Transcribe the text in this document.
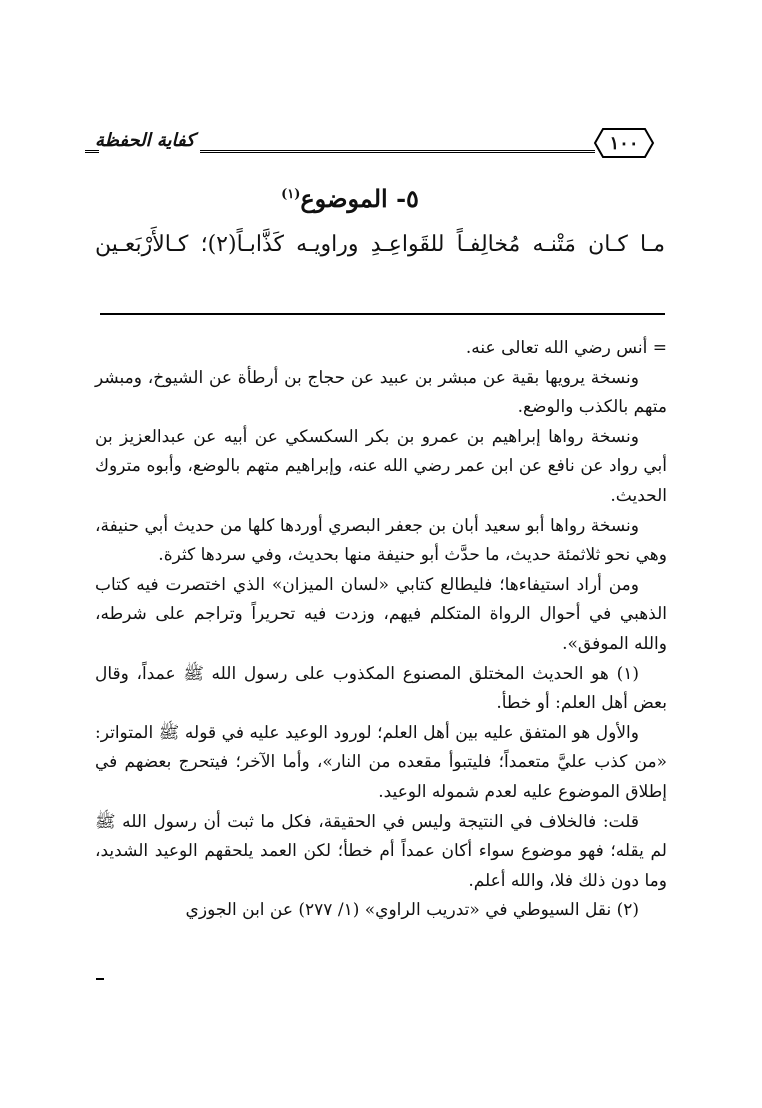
كفاية الحفظة	١٠٠
٥- الموضوع$^{(١)}$
مـا كـان مَتْنـه مُخالِفـاً للقَواعِـدِ وراويـه كَذَّابـاً(٢)؛ كـالأَرْبَعـين

= أنس رضي الله تعالى عنه.

ونسخة يرويها بقية عن مبشر بن عبيد عن حجاج بن أرطأة عن الشيوخ، ومبشر متهم بالكذب والوضع.

ونسخة رواها إبراهيم بن عمرو بن بكر السكسكي عن أبيه عن عبدالعزيز بن أبي رواد عن نافع عن ابن عمر رضي الله عنه، وإبراهيم متهم بالوضع، وأبوه متروك الحديث.

ونسخة رواها أبو سعيد أبان بن جعفر البصري أوردها كلها من حديث أبي حنيفة، وهي نحو ثلاثمئة حديث، ما حدَّث أبو حنيفة منها بحديث، وفي سردها كثرة.

ومن أراد استيفاءها؛ فليطالع كتابي «لسان الميزان» الذي اختصرت فيه كتاب الذهبي في أحوال الرواة المتكلم فيهم، وزدت فيه تحريراً وتراجم على شرطه، والله الموفق».

(١) هو الحديث المختلق المصنوع المكذوب على رسول الله ﷺ عمداً، وقال بعض أهل العلم: أو خطأ.

والأول هو المتفق عليه بين أهل العلم؛ لورود الوعيد عليه في قوله ﷺ المتواتر: «من كذب عليَّ متعمداً؛ فليتبوأ مقعده من النار»، وأما الآخر؛ فيتحرج بعضهم في إطلاق الموضوع عليه لعدم شموله الوعيد.

قلت: فالخلاف في النتيجة وليس في الحقيقة، فكل ما ثبت أن رسول الله ﷺ لم يقله؛ فهو موضوع سواء أكان عمداً أم خطأ؛ لكن العمد يلحقهم الوعيد الشديد، وما دون ذلك فلا، والله أعلم.

(٢) نقل السيوطي في «تدريب الراوي» (١/ ٢٧٧) عن ابن الجوزي
